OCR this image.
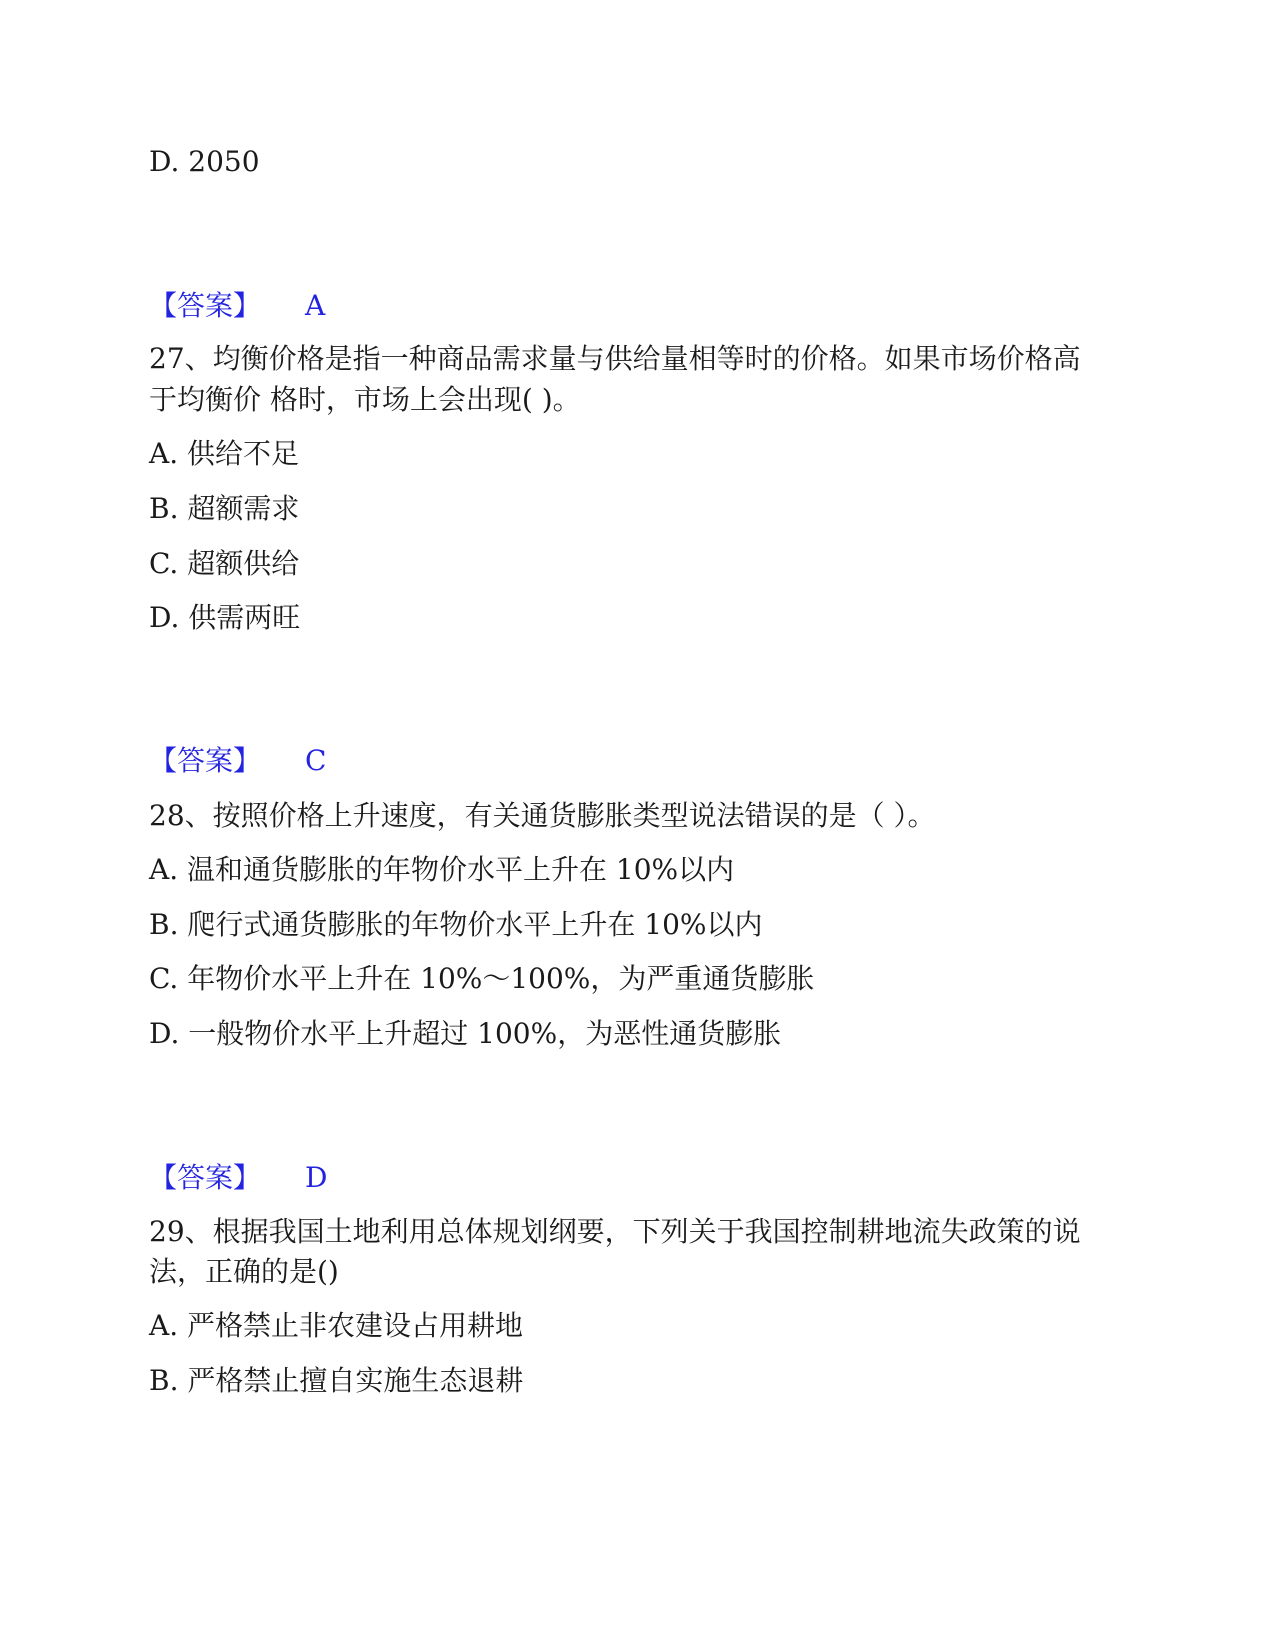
D. 2050
【答案】 A
27、均衡价格是指一种商品需求量与供给量相等时的价格。如果市场价格高
于均衡价 格时，市场上会出现( )。
A. 供给不足
B. 超额需求
C. 超额供给
D. 供需两旺
【答案】 C
28、按照价格上升速度，有关通货膨胀类型说法错误的是（ ）。
A. 温和通货膨胀的年物价水平上升在 10%以内
B. 爬行式通货膨胀的年物价水平上升在 10%以内
C. 年物价水平上升在 10%～100%，为严重通货膨胀
D. 一般物价水平上升超过 100%，为恶性通货膨胀
【答案】 D
29、根据我国土地利用总体规划纲要，下列关于我国控制耕地流失政策的说
法，正确的是()
A. 严格禁止非农建设占用耕地
B. 严格禁止擅自实施生态退耕
